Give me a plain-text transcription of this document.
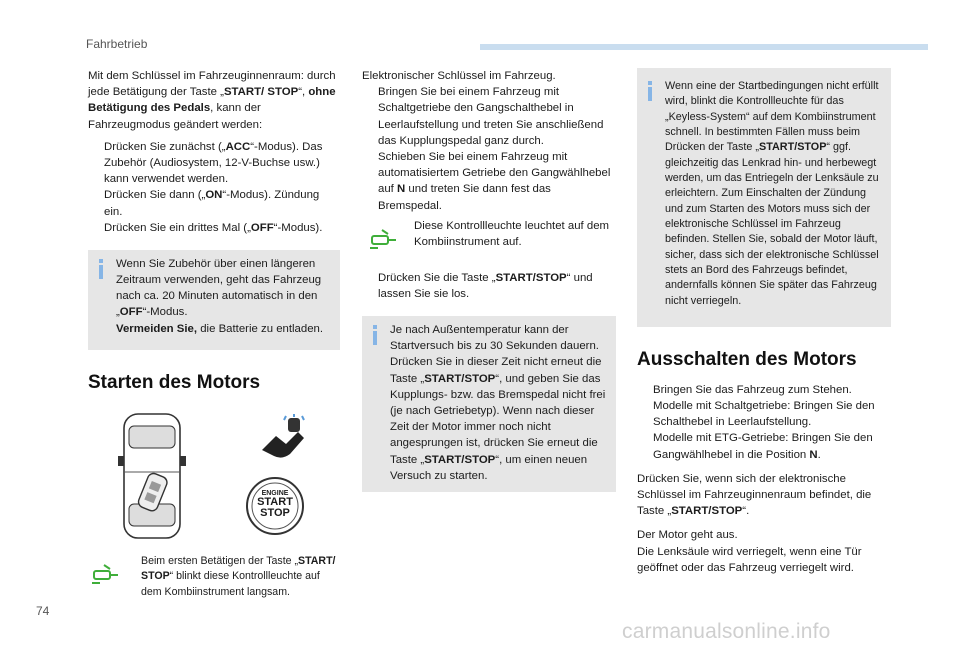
Fahrbetrieb

Mit dem Schlüssel im Fahrzeuginnenraum: durch jede Betätigung der Taste „START/ STOP“, ohne Betätigung des Pedals, kann der Fahrzeugmodus geändert werden:

Drücken Sie zunächst („ACC“-Modus). Das Zubehör (Audiosystem, 12-V-Buchse usw.) kann verwendet werden.
Drücken Sie dann („ON“-Modus). Zündung ein.
Drücken Sie ein drittes Mal („OFF“-Modus).

Wenn Sie Zubehör über einen längeren Zeitraum verwenden, geht das Fahrzeug nach ca. 20 Minuten automatisch in den „OFF“-Modus.
Vermeiden Sie, die Batterie zu entladen.

Starten des Motors
ENGINE
START
STOP

Beim ersten Betätigen der Taste „START/ STOP“ blinkt diese Kontrollleuchte auf dem Kombiinstrument langsam.

Elektronischer Schlüssel im Fahrzeug.

Bringen Sie bei einem Fahrzeug mit Schaltgetriebe den Gangschalthebel in Leerlaufstellung und treten Sie anschließend das Kupplungspedal ganz durch.
Schieben Sie bei einem Fahrzeug mit automatisiertem Getriebe den Gangwählhebel auf N und treten Sie dann fest das Bremspedal.

Diese Kontrollleuchte leuchtet auf dem Kombiinstrument auf.

Drücken Sie die Taste „START/STOP“ und lassen Sie sie los.

Je nach Außentemperatur kann der Startversuch bis zu 30 Sekunden dauern. Drücken Sie in dieser Zeit nicht erneut die Taste „START/STOP“, und geben Sie das Kupplungs- bzw. das Bremspedal nicht frei (je nach Getriebetyp). Wenn nach dieser Zeit der Motor immer noch nicht angesprungen ist, drücken Sie erneut die Taste „START/STOP“, um einen neuen Versuch zu starten.

Wenn eine der Startbedingungen nicht erfüllt wird, blinkt die Kontrollleuchte für das „Keyless-System“ auf dem Kombiinstrument schnell. In bestimmten Fällen muss beim Drücken der Taste „START/STOP“ ggf. gleichzeitig das Lenkrad hin- und herbewegt werden, um das Entriegeln der Lenksäule zu erleichtern. Zum Einschalten der Zündung und zum Starten des Motors muss sich der elektronische Schlüssel im Fahrzeug befinden. Stellen Sie, sobald der Motor läuft, sicher, dass sich der elektronische Schlüssel stets an Bord des Fahrzeugs befindet, andernfalls können Sie später das Fahrzeug nicht verriegeln.

Ausschalten des Motors
Bringen Sie das Fahrzeug zum Stehen.
Modelle mit Schaltgetriebe: Bringen Sie den Schalthebel in Leerlaufstellung.
Modelle mit ETG-Getriebe: Bringen Sie den Gangwählhebel in die Position N.

Drücken Sie, wenn sich der elektronische Schlüssel im Fahrzeuginnenraum befindet, die Taste „START/STOP“.

Der Motor geht aus.

Die Lenksäule wird verriegelt, wenn eine Tür geöffnet oder das Fahrzeug verriegelt wird.

74
carmanualsonline.info
